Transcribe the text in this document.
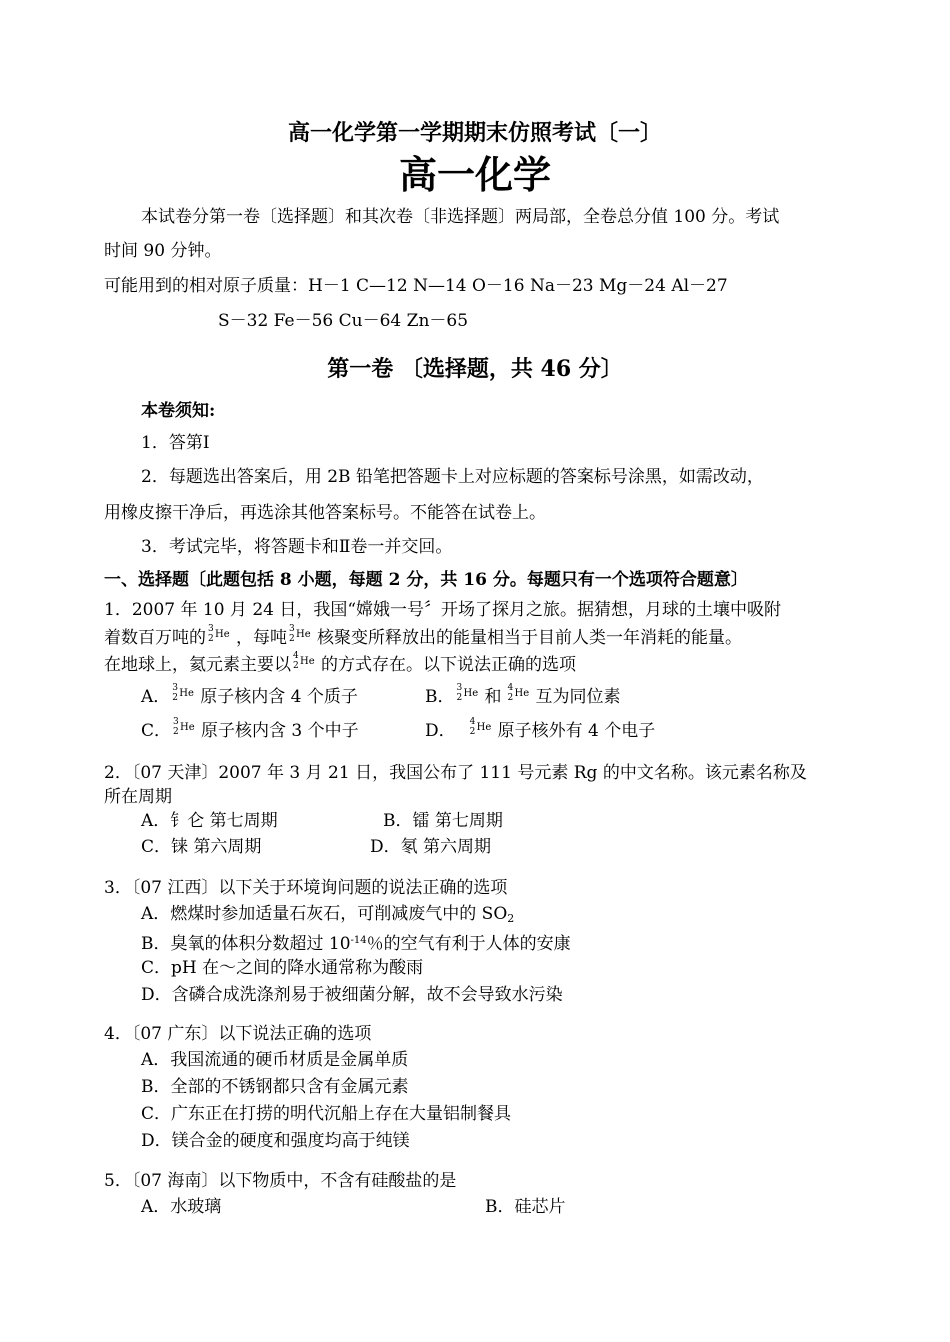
高一化学第一学期期末仿照考试〔一〕
高一化学
本试卷分第一卷〔选择题〕和其次卷〔非选择题〕两局部，全卷总分值 100 分。考试
时间 90 分钟。
可能用到的相对原子质量：H－1 C—12 N—14 O－16 Na－23 Mg－24 Al－27
S－32 Fe－56 Cu－64 Zn－65
第一卷 〔选择题，共 46 分〕
本卷须知:
1．答第Ⅰ
2．每题选出答案后，用 2B 铅笔把答题卡上对应标题的答案标号涂黑，如需改动，
用橡皮擦干净后，再选涂其他答案标号。不能答在试卷上。
3．考试完毕，将答题卡和Ⅱ卷一并交回。
一、选择题〔此题包括 8 小题，每题 2 分，共 16 分。每题只有一个选项符合题意〕
1．2007 年 10 月 24 日，我国“嫦娥一号〞开场了探月之旅。据猜想，月球的土壤中吸附
着数百万吨的 3
2 He ，每吨 3
2 He 核聚变所释放出的能量相当于目前人类一年消耗的能量。
在地球上，氦元素主要以 4
2 He 的方式存在。以下说法正确的选项
A． 3
2 He 原子核内含 4 个质子	B． 3
2 He 和 4
2 He 互为同位素
C． 3
2 He 原子核内含 3 个中子	D． 4
2 He 原子核外有 4 个电子
2．〔07 天津〕2007 年 3 月 21 日，我国公布了 111 号元素 Rg 的中文名称。该元素名称及
所在周期
A．钅仑 第七周期	B．镭 第七周期
C．铼 第六周期	D．氡 第六周期
3．〔07 江西〕以下关于环境询问题的说法正确的选项
A．燃煤时参加适量石灰石，可削减废气中的 $SO_2$
B．臭氧的体积分数超过 $10^{-14}$％的空气有利于人体的安康
C．pH 在～之间的降水通常称为酸雨
D．含磷合成洗涤剂易于被细菌分解，故不会导致水污染
4．〔07 广东〕以下说法正确的选项
A．我国流通的硬币材质是金属单质
B．全部的不锈钢都只含有金属元素
C．广东正在打捞的明代沉船上存在大量铝制餐具
D．镁合金的硬度和强度均高于纯镁
5．〔07 海南〕以下物质中，不含有硅酸盐的是
A．水玻璃	B．硅芯片
